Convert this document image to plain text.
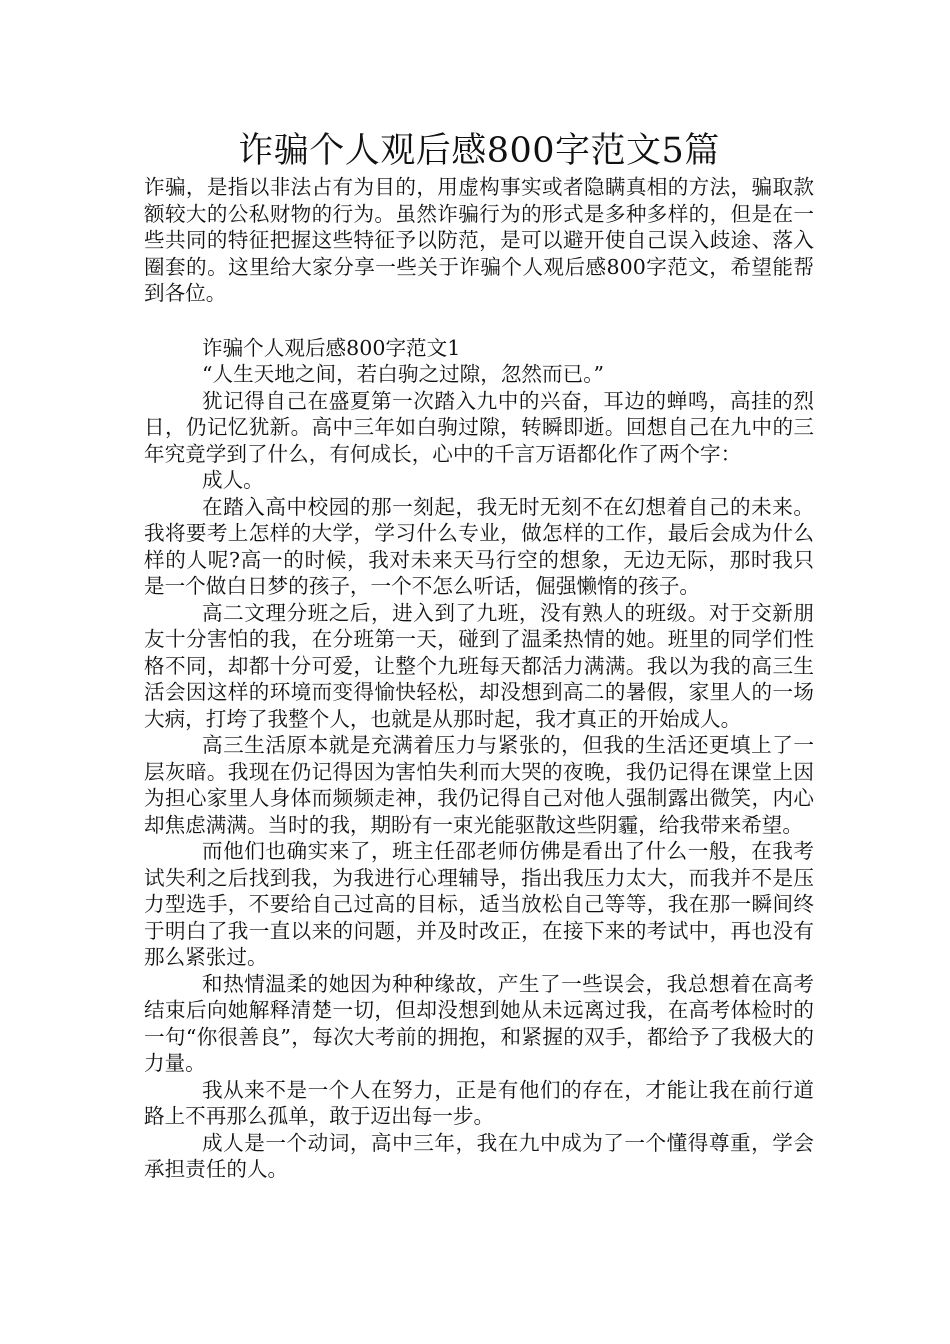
诈骗个人观后感800字范文5篇

诈骗，是指以非法占有为目的，用虚构事实或者隐瞒真相的方法，骗取款额较大的公私财物的行为。虽然诈骗行为的形式是多种多样的，但是在一些共同的特征把握这些特征予以防范，是可以避开使自己误入歧途、落入圈套的。这里给大家分享一些关于诈骗个人观后感800字范文，希望能帮到各位。

诈骗个人观后感800字范文1

“人生天地之间，若白驹之过隙，忽然而已。”

犹记得自己在盛夏第一次踏入九中的兴奋，耳边的蝉鸣，高挂的烈日，仍记忆犹新。高中三年如白驹过隙，转瞬即逝。回想自己在九中的三年究竟学到了什么，有何成长，心中的千言万语都化作了两个字：

成人。

在踏入高中校园的那一刻起，我无时无刻不在幻想着自己的未来。我将要考上怎样的大学，学习什么专业，做怎样的工作，最后会成为什么样的人呢?高一的时候，我对未来天马行空的想象，无边无际，那时我只是一个做白日梦的孩子，一个不怎么听话，倔强懒惰的孩子。

高二文理分班之后，进入到了九班，没有熟人的班级。对于交新朋友十分害怕的我，在分班第一天，碰到了温柔热情的她。班里的同学们性格不同，却都十分可爱，让整个九班每天都活力满满。我以为我的高三生活会因这样的环境而变得愉快轻松，却没想到高二的暑假，家里人的一场大病，打垮了我整个人，也就是从那时起，我才真正的开始成人。

高三生活原本就是充满着压力与紧张的，但我的生活还更填上了一层灰暗。我现在仍记得因为害怕失利而大哭的夜晚，我仍记得在课堂上因为担心家里人身体而频频走神，我仍记得自己对他人强制露出微笑，内心却焦虑满满。当时的我，期盼有一束光能驱散这些阴霾，给我带来希望。

而他们也确实来了，班主任邵老师仿佛是看出了什么一般，在我考试失利之后找到我，为我进行心理辅导，指出我压力太大，而我并不是压力型选手，不要给自己过高的目标，适当放松自己等等，我在那一瞬间终于明白了我一直以来的问题，并及时改正，在接下来的考试中，再也没有那么紧张过。

和热情温柔的她因为种种缘故，产生了一些误会，我总想着在高考结束后向她解释清楚一切，但却没想到她从未远离过我，在高考体检时的一句“你很善良”，每次大考前的拥抱，和紧握的双手，都给予了我极大的力量。

我从来不是一个人在努力，正是有他们的存在，才能让我在前行道路上不再那么孤单，敢于迈出每一步。

成人是一个动词，高中三年，我在九中成为了一个懂得尊重，学会承担责任的人。
